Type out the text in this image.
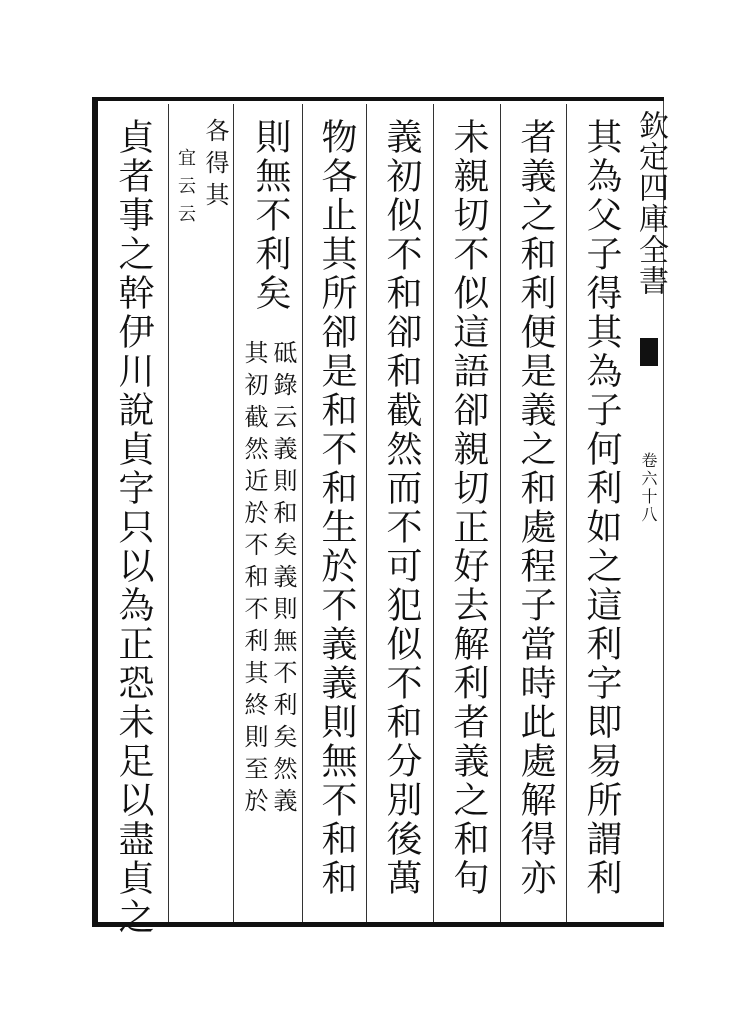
欽定四庫全書
卷六十八
其為父子得其為子何利如之這利字即易所謂利
者義之和利便是義之和處程子當時此處解得亦
未親切不似這語卻親切正好去解利者義之和句
義初似不和卻和截然而不可犯似不和分別後萬
物各止其所卻是和不和生於不義義則無不和和
則無不利矣
砥錄云義則和矣義則無不利矣然義
其初截然近於不和不利其終則至於
各得其
宜云云
貞者事之幹伊川說貞字只以為正恐未足以盡貞之
